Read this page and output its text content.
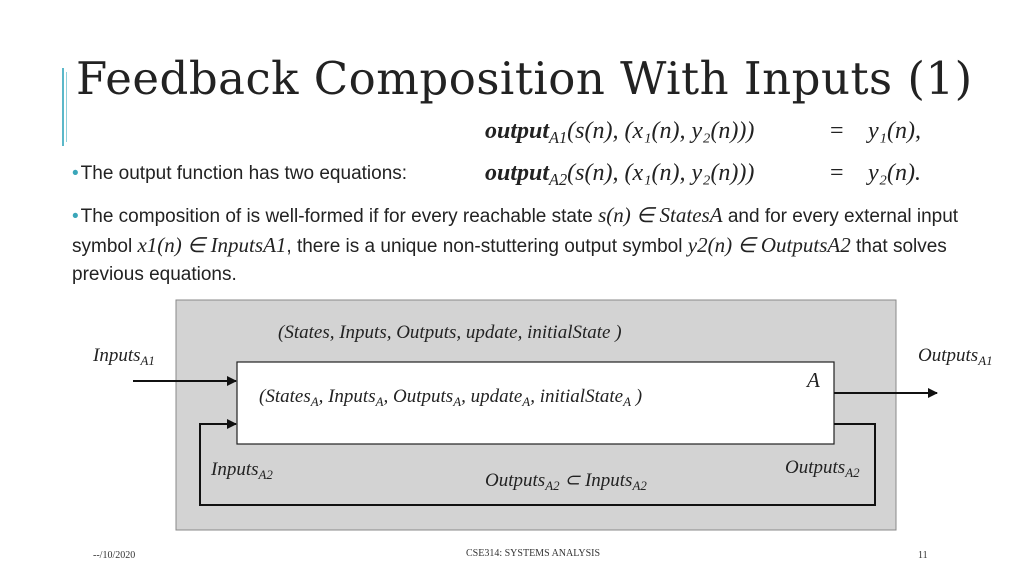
Feedback Composition With Inputs (1)
output$_{A1}$(s(n), (x₁(n), y₂(n)))	= y₁(n),
output$_{A2}$(s(n), (x₁(n), y₂(n)))	= y₂(n).
• The output function has two equations:
• The composition of is well-formed if for every reachable state s(n) ∈ StatesA and for every external input symbol x1(n) ∈ InputsA1, there is a unique non-stuttering output symbol y2(n) ∈ OutputsA2 that solves previous equations.
(States, Inputs, Outputs, update, initialState )
(States$_A$, Inputs$_A$, Outputs$_A$, update$_A$, initialState$_A$ )
A
Inputs$_{A1}$	Outputs$_{A1}$
Inputs$_{A2}$	Outputs$_{A2}$
Outputs$_{A2}$ ⊂ Inputs$_{A2}$
--/10/2020	CSE314: SYSTEMS ANALYSIS	11
